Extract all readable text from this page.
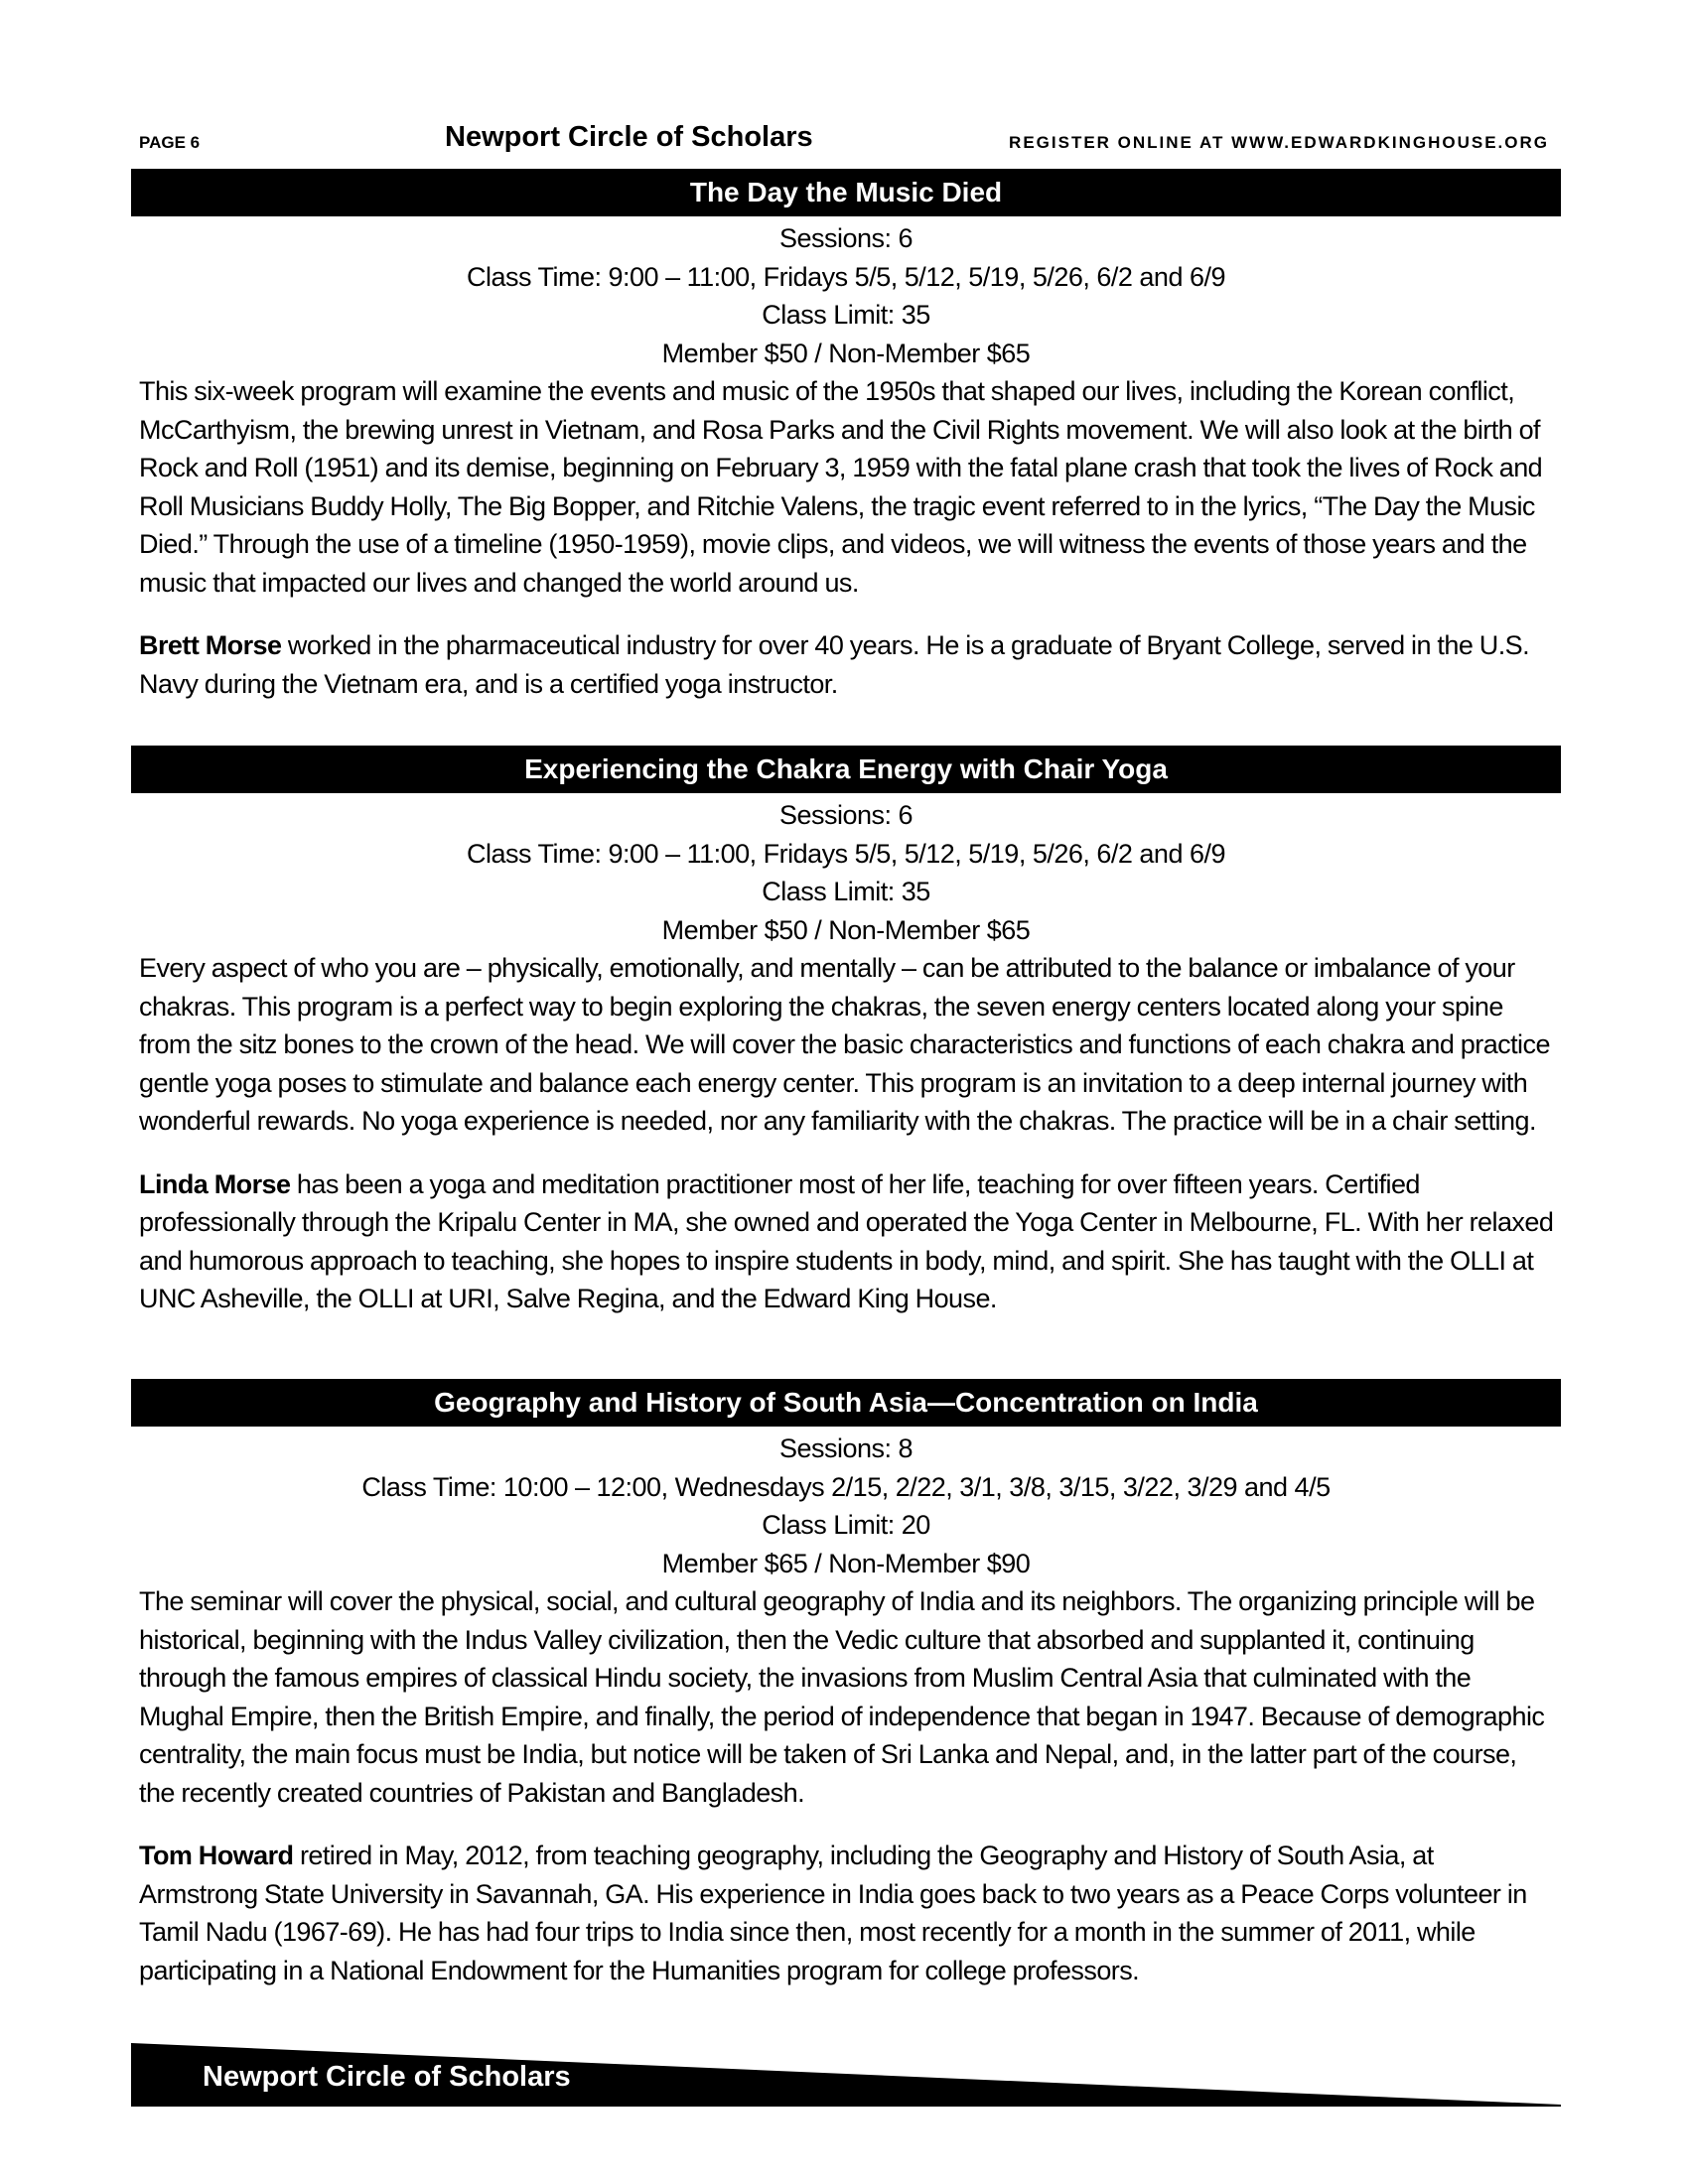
PAGE 6	Newport Circle of Scholars	REGISTER ONLINE AT WWW.EDWARDKINGHOUSE.ORG
The Day the Music Died
Sessions: 6
Class Time: 9:00 – 11:00, Fridays 5/5, 5/12, 5/19, 5/26, 6/2 and 6/9
Class Limit: 35
Member $50 / Non-Member $65
This six-week program will examine the events and music of the 1950s that shaped our lives, including the Korean conflict, McCarthyism, the brewing unrest in Vietnam, and Rosa Parks and the Civil Rights movement. We will also look at the birth of Rock and Roll (1951) and its demise, beginning on February 3, 1959 with the fatal plane crash that took the lives of Rock and Roll Musicians Buddy Holly, The Big Bopper, and Ritchie Valens, the tragic event referred to in the lyrics, “The Day the Music Died.” Through the use of a timeline (1950-1959), movie clips, and videos, we will witness the events of those years and the music that impacted our lives and changed the world around us.
Brett Morse worked in the pharmaceutical industry for over 40 years. He is a graduate of Bryant College, served in the U.S. Navy during the Vietnam era, and is a certified yoga instructor.
Experiencing the Chakra Energy with Chair Yoga
Sessions: 6
Class Time: 9:00 – 11:00, Fridays 5/5, 5/12, 5/19, 5/26, 6/2 and 6/9
Class Limit: 35
Member $50 / Non-Member $65
Every aspect of who you are – physically, emotionally, and mentally – can be attributed to the balance or imbalance of your chakras. This program is a perfect way to begin exploring the chakras, the seven energy centers located along your spine from the sitz bones to the crown of the head. We will cover the basic characteristics and functions of each chakra and practice gentle yoga poses to stimulate and balance each energy center. This program is an invitation to a deep internal journey with wonderful rewards. No yoga experience is needed, nor any familiarity with the chakras. The practice will be in a chair setting.
Linda Morse has been a yoga and meditation practitioner most of her life, teaching for over fifteen years. Certified professionally through the Kripalu Center in MA, she owned and operated the Yoga Center in Melbourne, FL. With her relaxed and humorous approach to teaching, she hopes to inspire students in body, mind, and spirit. She has taught with the OLLI at UNC Asheville, the OLLI at URI, Salve Regina, and the Edward King House.
Geography and History of South Asia—Concentration on India
Sessions: 8
Class Time: 10:00 – 12:00, Wednesdays 2/15, 2/22, 3/1, 3/8, 3/15, 3/22, 3/29 and 4/5
Class Limit: 20
Member $65 / Non-Member $90
The seminar will cover the physical, social, and cultural geography of India and its neighbors. The organizing principle will be historical, beginning with the Indus Valley civilization, then the Vedic culture that absorbed and supplanted it, continuing through the famous empires of classical Hindu society, the invasions from Muslim Central Asia that culminated with the Mughal Empire, then the British Empire, and finally, the period of independence that began in 1947. Because of demographic centrality, the main focus must be India, but notice will be taken of Sri Lanka and Nepal, and, in the latter part of the course, the recently created countries of Pakistan and Bangladesh.
Tom Howard retired in May, 2012, from teaching geography, including the Geography and History of South Asia, at Armstrong State University in Savannah, GA. His experience in India goes back to two years as a Peace Corps volunteer in Tamil Nadu (1967-69). He has had four trips to India since then, most recently for a month in the summer of 2011, while participating in a National Endowment for the Humanities program for college professors.
Newport Circle of Scholars
